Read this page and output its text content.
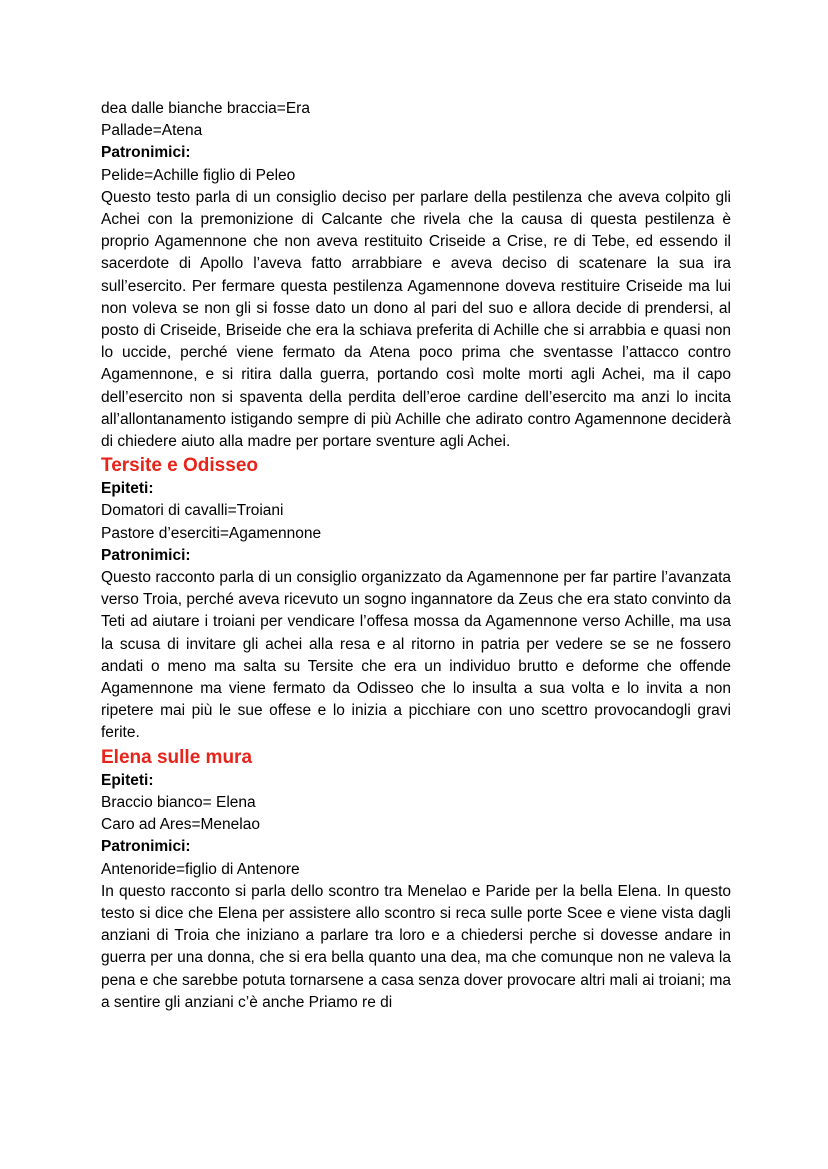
dea dalle bianche braccia=Era
Pallade=Atena
Patronimici:
Pelide=Achille figlio di Peleo
Questo testo parla di un consiglio deciso per parlare della pestilenza che aveva colpito gli Achei con la premonizione di Calcante che rivela che la causa di questa pestilenza è proprio Agamennone che non aveva restituito Criseide a Crise, re di Tebe, ed essendo il sacerdote di Apollo l’aveva fatto arrabbiare e aveva deciso di scatenare la sua ira sull’esercito. Per fermare questa pestilenza Agamennone doveva restituire Criseide ma lui non voleva se non gli si fosse dato un dono al pari del suo e allora decide di prendersi, al posto di Criseide, Briseide che era la schiava preferita di Achille che si arrabbia e quasi non lo uccide, perché viene fermato da Atena poco prima che sventasse l’attacco contro Agamennone, e si ritira dalla guerra, portando così molte morti agli Achei, ma il capo dell’esercito non si spaventa della perdita dell’eroe cardine dell’esercito ma anzi lo incita all’allontanamento istigando sempre di più Achille che adirato contro Agamennone deciderà di chiedere aiuto alla madre per portare sventure agli Achei.
Tersite e Odisseo
Epiteti:
Domatori di cavalli=Troiani
Pastore d’eserciti=Agamennone
Patronimici:
Questo racconto parla di un consiglio organizzato da Agamennone per far partire l’avanzata verso Troia, perché aveva ricevuto un sogno ingannatore da Zeus che era stato convinto da Teti ad aiutare i troiani per vendicare l’offesa mossa da Agamennone verso Achille, ma usa la scusa di invitare gli achei alla resa e al ritorno in patria per vedere se se ne fossero andati o meno ma salta su Tersite che era un individuo brutto e deforme che offende Agamennone ma viene fermato da Odisseo che lo insulta a sua volta e lo invita a non ripetere mai più le sue offese e lo inizia a picchiare con uno scettro provocandogli gravi ferite.
Elena sulle mura
Epiteti:
Braccio bianco= Elena
Caro ad Ares=Menelao
Patronimici:
Antenoride=figlio di Antenore
In questo racconto si parla dello scontro tra Menelao e Paride per la bella Elena. In questo testo si dice che Elena per assistere allo scontro si reca sulle porte Scee e viene vista dagli anziani di Troia che iniziano a parlare tra loro e a chiedersi perche si dovesse andare in guerra per una donna, che si era bella quanto una dea, ma che comunque non ne valeva la pena e che sarebbe potuta tornarsene a casa senza dover provocare altri mali ai troiani; ma a sentire gli anziani c’è anche Priamo re di
